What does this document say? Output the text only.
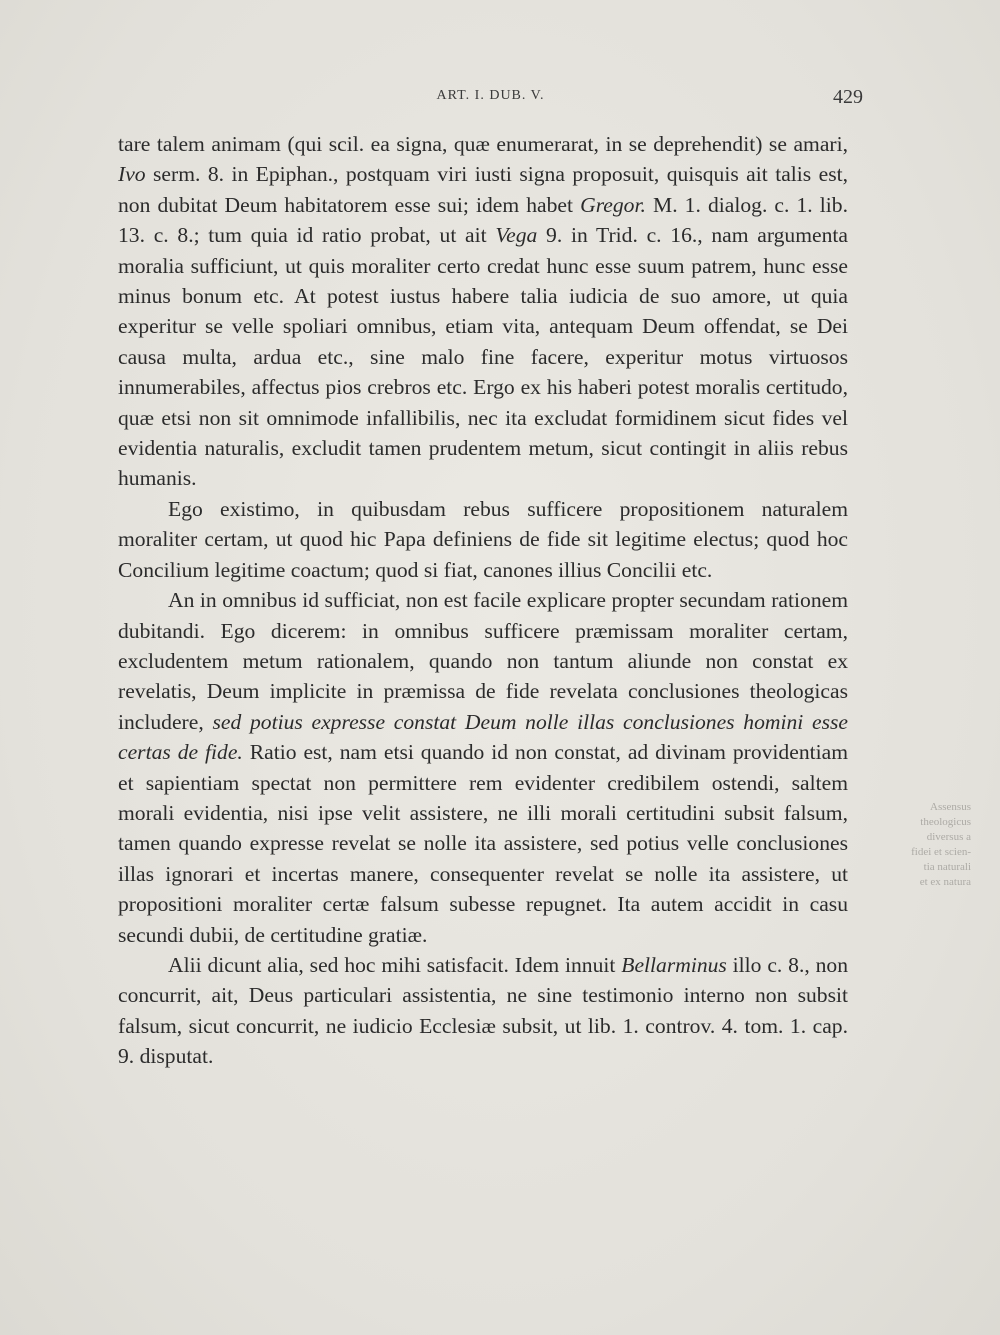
ART. I. DUB. V.	429

tare talem animam (qui scil. ea signa, quæ enumerarat, in se deprehendit) se amari, Ivo serm. 8. in Epiphan., postquam viri iusti signa proposuit, quisquis ait talis est, non dubitat Deum habitatorem esse sui; idem habet Gregor. M. 1. dialog. c. 1. lib. 13. c. 8.; tum quia id ratio probat, ut ait Vega 9. in Trid. c. 16., nam argumenta moralia sufficiunt, ut quis moraliter certo credat hunc esse suum patrem, hunc esse minus bonum etc. At potest iustus habere talia iudicia de suo amore, ut quia experitur se velle spoliari omnibus, etiam vita, antequam Deum offendat, se Dei causa multa, ardua etc., sine malo fine facere, experitur motus virtuosos innumerabiles, affectus pios crebros etc. Ergo ex his haberi potest moralis certitudo, quæ etsi non sit omnimode infallibilis, nec ita excludat formidinem sicut fides vel evidentia naturalis, excludit tamen prudentem metum, sicut contingit in aliis rebus humanis.

Ego existimo, in quibusdam rebus sufficere propositionem naturalem moraliter certam, ut quod hic Papa definiens de fide sit legitime electus; quod hoc Concilium legitime coactum; quod si fiat, canones illius Concilii etc.

An in omnibus id sufficiat, non est facile explicare propter secundam rationem dubitandi. Ego dicerem: in omnibus sufficere præmissam moraliter certam, excludentem metum rationalem, quando non tantum aliunde non constat ex revelatis, Deum implicite in præmissa de fide revelata conclusiones theologicas includere, sed potius expresse constat Deum nolle illas conclusiones homini esse certas de fide. Ratio est, nam etsi quando id non constat, ad divinam providentiam et sapientiam spectat non permittere rem evidenter credibilem ostendi, saltem morali evidentia, nisi ipse velit assistere, ne illi morali certitudini subsit falsum, tamen quando expresse revelat se nolle ita assistere, sed potius velle conclusiones illas ignorari et incertas manere, consequenter revelat se nolle ita assistere, ut propositioni moraliter certæ falsum subesse repugnet. Ita autem accidit in casu secundi dubii, de certitudine gratiæ.

Alii dicunt alia, sed hoc mihi satisfacit. Idem innuit Bellarminus illo c. 8., non concurrit, ait, Deus particulari assistentia, ne sine testimonio interno non subsit falsum, sicut concurrit, ne iudicio Ecclesiæ subsit, ut lib. 1. controv. 4. tom. 1. cap. 9. disputat.

Assensus
theologicus
diversus a
fidei et scien-
tia naturali
et ex natura
